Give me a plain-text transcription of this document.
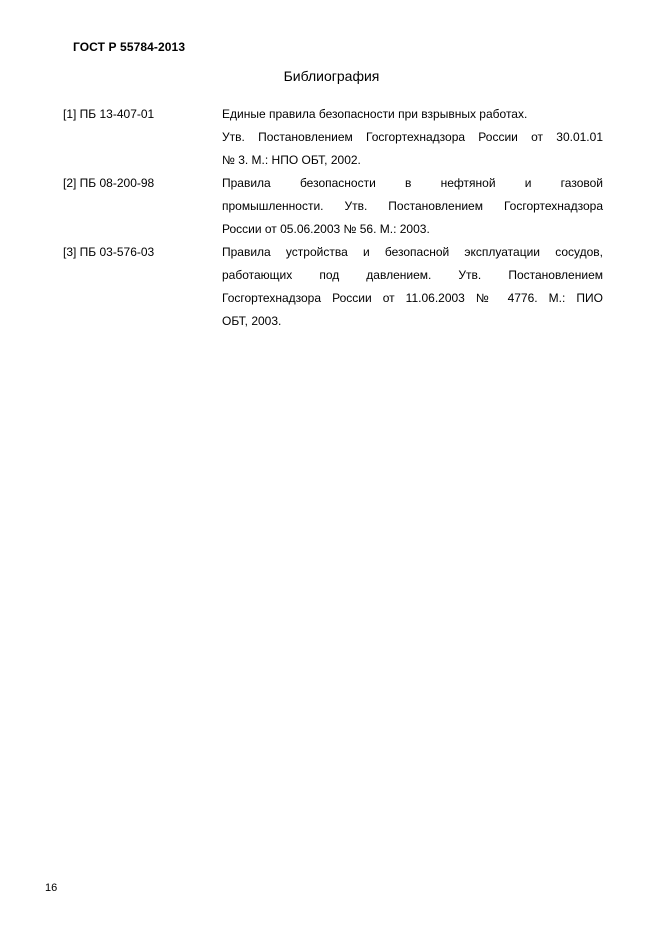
ГОСТ Р 55784-2013
Библиография
[1] ПБ 13-407-01	Единые правила безопасности при взрывных работах.
Утв. Постановлением Госгортехнадзора России от 30.01.01
№ 3. М.: НПО ОБТ, 2002.
[2] ПБ 08-200-98	Правила безопасности в нефтяной и газовой
промышленности. Утв. Постановлением Госгортехнадзора
России от 05.06.2003 № 56. М.: 2003.
[3] ПБ 03-576-03	Правила устройства и безопасной эксплуатации сосудов,
работающих под давлением. Утв. Постановлением
Госгортехнадзора России от 11.06.2003 № 4776. М.: ПИО
ОБТ, 2003.
16
